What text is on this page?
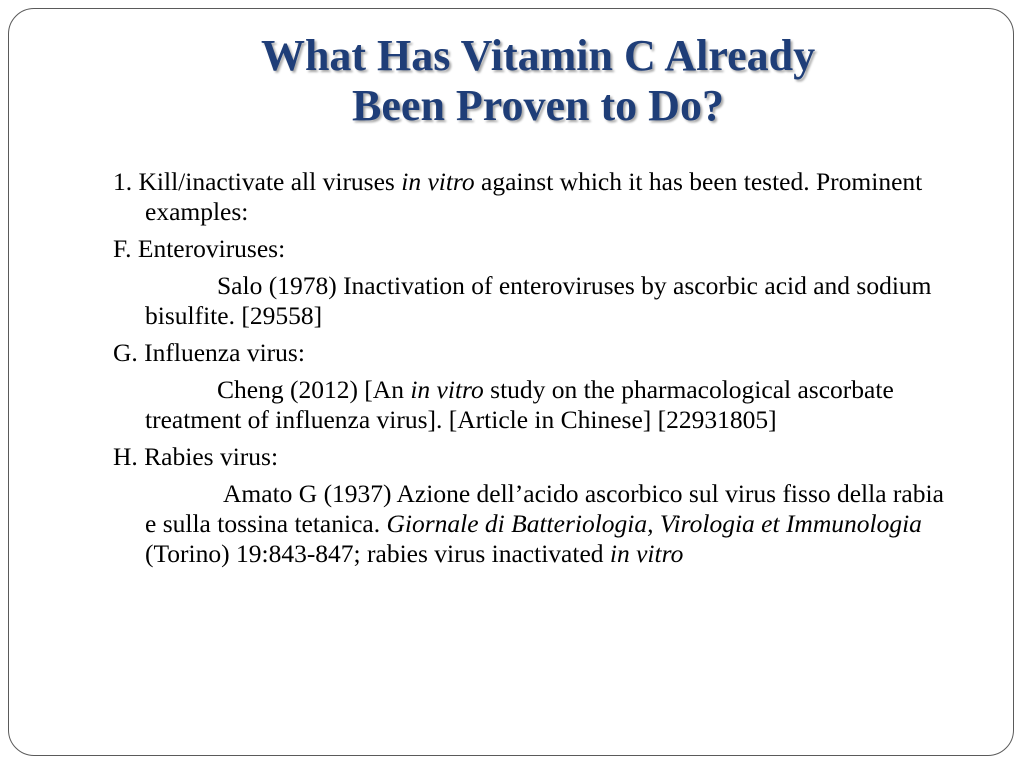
What Has Vitamin C Already
Been Proven to Do?

1. Kill/inactivate all viruses in vitro against which it has been tested. Prominent examples:

F. Enteroviruses:

Salo (1978) Inactivation of enteroviruses by ascorbic acid and sodium bisulfite. [29558]

G. Influenza virus:

Cheng (2012) [An in vitro study on the pharmacological ascorbate treatment of influenza virus]. [Article in Chinese] [22931805]

H. Rabies virus:

Amato G (1937) Azione dell’acido ascorbico sul virus fisso della rabia e sulla tossina tetanica. Giornale di Batteriologia, Virologia et Immunologia (Torino) 19:843-847; rabies virus inactivated in vitro
